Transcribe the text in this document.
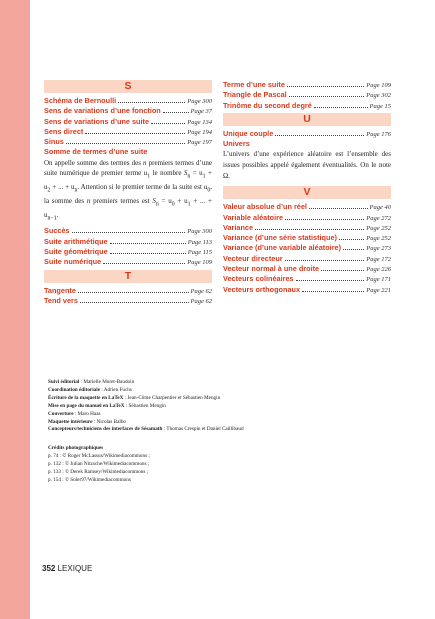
S
Schéma de Bernoulli	Page 300
Sens de variations d’une fonction	Page 37
Sens de variations d’une suite	Page 134
Sens direct	Page 194
Sinus	Page 197
Somme de termes d’une suite

On appelle somme des termes des n premiers termes d’une suite numérique de premier terme $u_1$ le nombre $S_n = u_1 + u_2$ + ... + $u_n$. Attention si le premier terme de la suite est $u_0$, la somme des n premiers termes est $S_n = u_0 + u_1$ + ... + $u_{n-1}$.

Succès	Page 300
Suite arithmétique	Page 113
Suite géométrique	Page 115
Suite numérique	Page 109
T
Tangente	Page 62
Tend vers	Page 62
Terme d’une suite	Page 109
Triangle de Pascal	Page 302
Trinôme du second degré	Page 15
U
Unique couple	Page 176
Univers

L’univers d’une expérience aléatoire est l’ensemble des issues possibles appelé également éventualités. On le note Ω.

V
Valeur absolue d’un réel	Page 40
Variable aléatoire	Page 272
Variance	Page 252
Variance (d’une série statistique)	Page 252
Variance (d’une variable aléatoire)	Page 273
Vecteur directeur	Page 172
Vecteur normal à une droite	Page 226
Vecteurs colinéaires	Page 171
Vecteurs orthogonaux	Page 221
Suivi éditorial : Marielle Muret-Baudoin
Coordination éditoriale : Adrien Fuchs
Écriture de la maquette en LaTeX : Jean-Côme Charpentier et Sébastien Mengin
Mise en page du manuel en LaTeX : Sébastien Mengin
Couverture : Maro Haas
Maquette intérieure : Nicolas Balbo
Concepteurs/techniciens des interfaces de Sésamath : Thomas Crespin et Daniel Caillibaud
Crédits photographiques
p. 74 : © Roger McLassus/Wikimediacommons ;
p. 132 : © Julian Nitzsche/Wikimediacommons ;
p. 133 : © Derek Ramsey/Wikimediacommons ;
p. 154 : © Soler97/Wikimediacommons
352 LEXIQUE
